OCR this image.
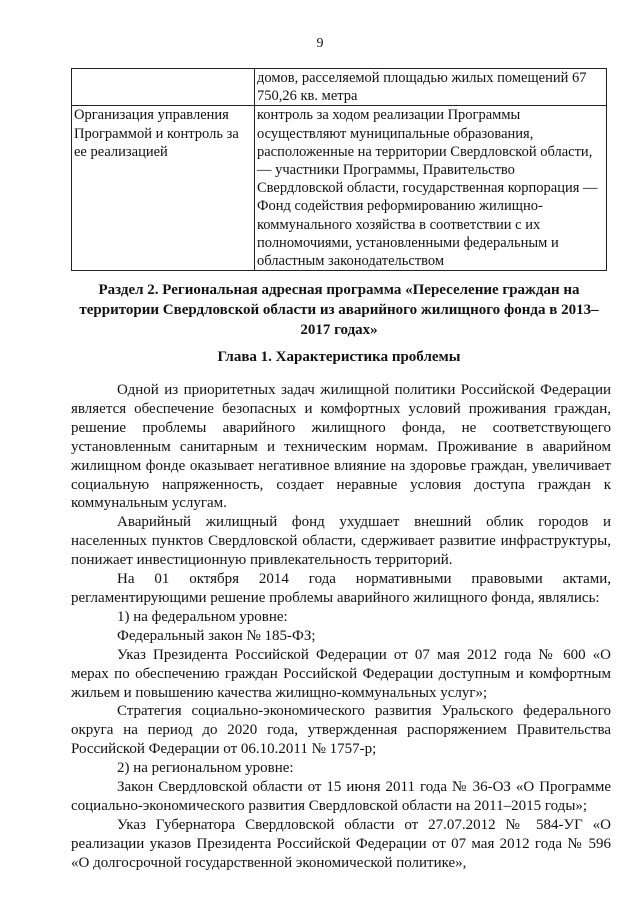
9
	домов, расселяемой площадью жилых помещений 67 750,26 кв. метра
Организация управления Программой и контроль за ее реализацией	контроль за ходом реализации Программы осуществляют муниципальные образования, расположенные на территории Свердловской области, — участники Программы, Правительство Свердловской области, государственная корпорация — Фонд содействия реформированию жилищно-коммунального хозяйства в соответствии с их полномочиями, установленными федеральным и областным законодательством
Раздел 2. Региональная адресная программа «Переселение граждан на территории Свердловской области из аварийного жилищного фонда в 2013–2017 годах»
Глава 1. Характеристика проблемы

Одной из приоритетных задач жилищной политики Российской Федерации является обеспечение безопасных и комфортных условий проживания граждан, решение проблемы аварийного жилищного фонда, не соответствующего установленным санитарным и техническим нормам. Проживание в аварийном жилищном фонде оказывает негативное влияние на здоровье граждан, увеличивает социальную напряженность, создает неравные условия доступа граждан к коммунальным услугам.

Аварийный жилищный фонд ухудшает внешний облик городов и населенных пунктов Свердловской области, сдерживает развитие инфраструктуры, понижает инвестиционную привлекательность территорий.

На 01 октября 2014 года нормативными правовыми актами, регламентирующими решение проблемы аварийного жилищного фонда, являлись:

1) на федеральном уровне:

Федеральный закон № 185-ФЗ;

Указ Президента Российской Федерации от 07 мая 2012 года № 600 «О мерах по обеспечению граждан Российской Федерации доступным и комфортным жильем и повышению качества жилищно-коммунальных услуг»;

Стратегия социально-экономического развития Уральского федерального округа на период до 2020 года, утвержденная распоряжением Правительства Российской Федерации от 06.10.2011 № 1757-р;

2) на региональном уровне:

Закон Свердловской области от 15 июня 2011 года № 36-ОЗ «О Программе социально-экономического развития Свердловской области на 2011–2015 годы»;

Указ Губернатора Свердловской области от 27.07.2012 № 584-УГ «О реализации указов Президента Российской Федерации от 07 мая 2012 года № 596 «О долгосрочной государственной экономической политике»,
